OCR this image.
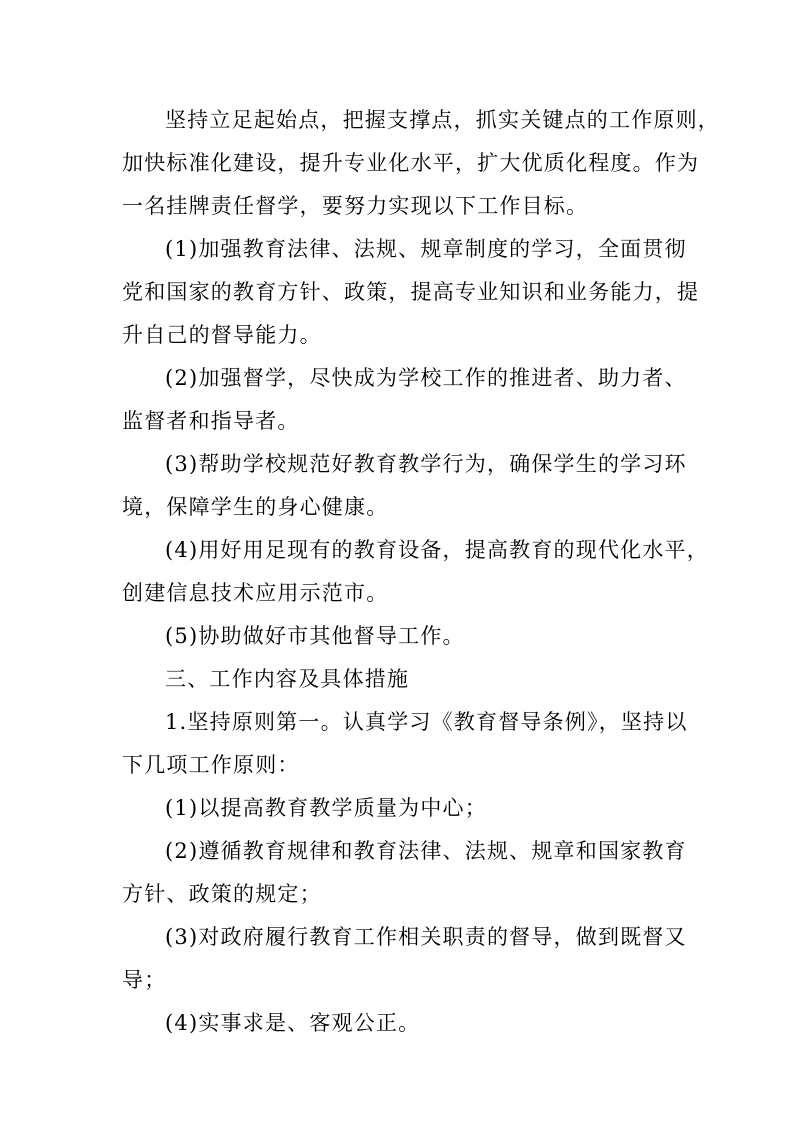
坚持立足起始点，把握支撑点，抓实关键点的工作原则，
加快标准化建设，提升专业化水平，扩大优质化程度。作为
一名挂牌责任督学，要努力实现以下工作目标。
(1)加强教育法律、法规、规章制度的学习，全面贯彻
党和国家的教育方针、政策，提高专业知识和业务能力，提
升自己的督导能力。
(2)加强督学，尽快成为学校工作的推进者、助力者、
监督者和指导者。
(3)帮助学校规范好教育教学行为，确保学生的学习环
境，保障学生的身心健康。
(4)用好用足现有的教育设备，提高教育的现代化水平，
创建信息技术应用示范市。
(5)协助做好市其他督导工作。
三、工作内容及具体措施
1.坚持原则第一。认真学习《教育督导条例》，坚持以
下几项工作原则：
(1)以提高教育教学质量为中心；
(2)遵循教育规律和教育法律、法规、规章和国家教育
方针、政策的规定；
(3)对政府履行教育工作相关职责的督导，做到既督又
导；
(4)实事求是、客观公正。
